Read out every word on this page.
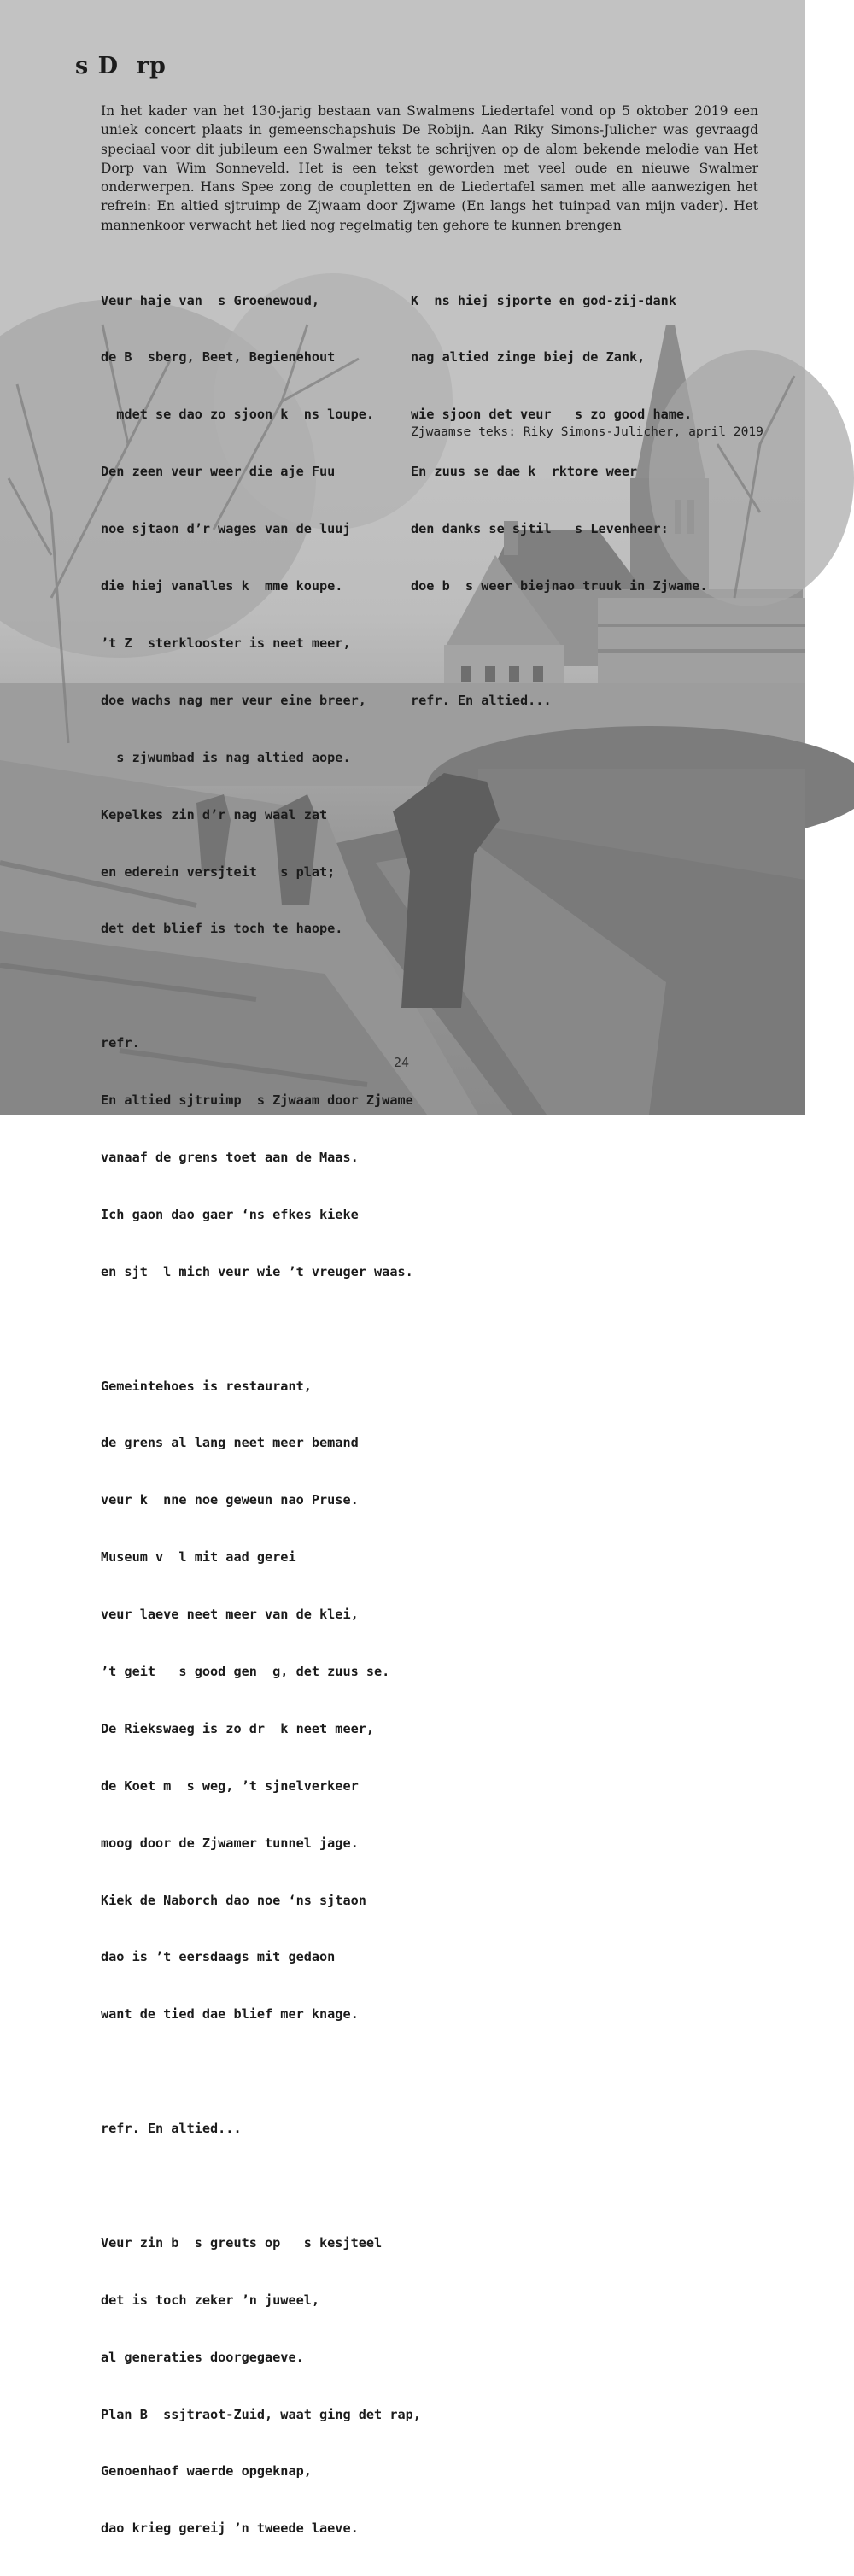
s D  rp

In het kader van het 130-jarig bestaan van Swalmens Liedertafel vond op 5 oktober 2019 een uniek concert plaats in gemeenschapshuis De Robijn. Aan Riky Simons-Julicher was gevraagd speciaal voor dit jubileum een Swalmer tekst te schrijven op de alom bekende melodie van Het Dorp van Wim Sonneveld. Het is een tekst geworden met veel oude en nieuwe Swalmer onderwerpen. Hans Spee zong de coupletten en de Liedertafel samen met alle aanwezigen het refrein: En altied sjtruimp de Zjwaam door Zjwame (En langs het tuinpad van mijn vader). Het mannenkoor verwacht het lied nog regelmatig ten gehore te kunnen brengen

Veur haje van  s Groenewoud,

de B  sberg, Beet, Begienehout

mdet se dao zo sjoon k  ns loupe.

Den zeen veur weer die aje Fuu

noe sjtaon d’r wages van de luuj

die hiej vanalles k  mme koupe.

’t Z  sterklooster is neet meer,

doe wachs nag mer veur eine breer,

s zjwumbad is nag altied aope.

Kepelkes zin d’r nag waal zat

en ederein versjteit   s plat;

det det blief is toch te haope.

refr.

En altied sjtruimp  s Zjwaam door Zjwame

vanaaf de grens toet aan de Maas.

Ich gaon dao gaer ‘ns efkes kieke

en sjt  l mich veur wie ’t vreuger waas.

Gemeintehoes is restaurant,

de grens al lang neet meer bemand

veur k  nne noe geweun nao Pruse.

Museum v  l mit aad gerei

veur laeve neet meer van de klei,

’t geit   s good gen  g, det zuus se.

De Riekswaeg is zo dr  k neet meer,

de Koet m  s weg, ’t sjnelverkeer

moog door de Zjwamer tunnel jage.

Kiek de Naborch dao noe ‘ns sjtaon

dao is ’t eersdaags mit gedaon

want de tied dae blief mer knage.

refr. En altied...

Veur zin b  s greuts op   s kesjteel

det is toch zeker ’n juweel,

al generaties doorgegaeve.

Plan B  ssjtraot-Zuid, waat ging det rap,

Genoenhaof waerde opgeknap,

dao krieg gereij ’n tweede laeve.

K  ns hiej sjporte en god-zij-dank

nag altied zinge biej de Zank,

wie sjoon det veur   s zo good hame.

En zuus se dae k  rktore weer

den danks se sjtil   s Levenheer:

doe b  s weer biejnao truuk in Zjwame.

refr. En altied...

Zjwaamse teks: Riky Simons-Julicher, april 2019

24
